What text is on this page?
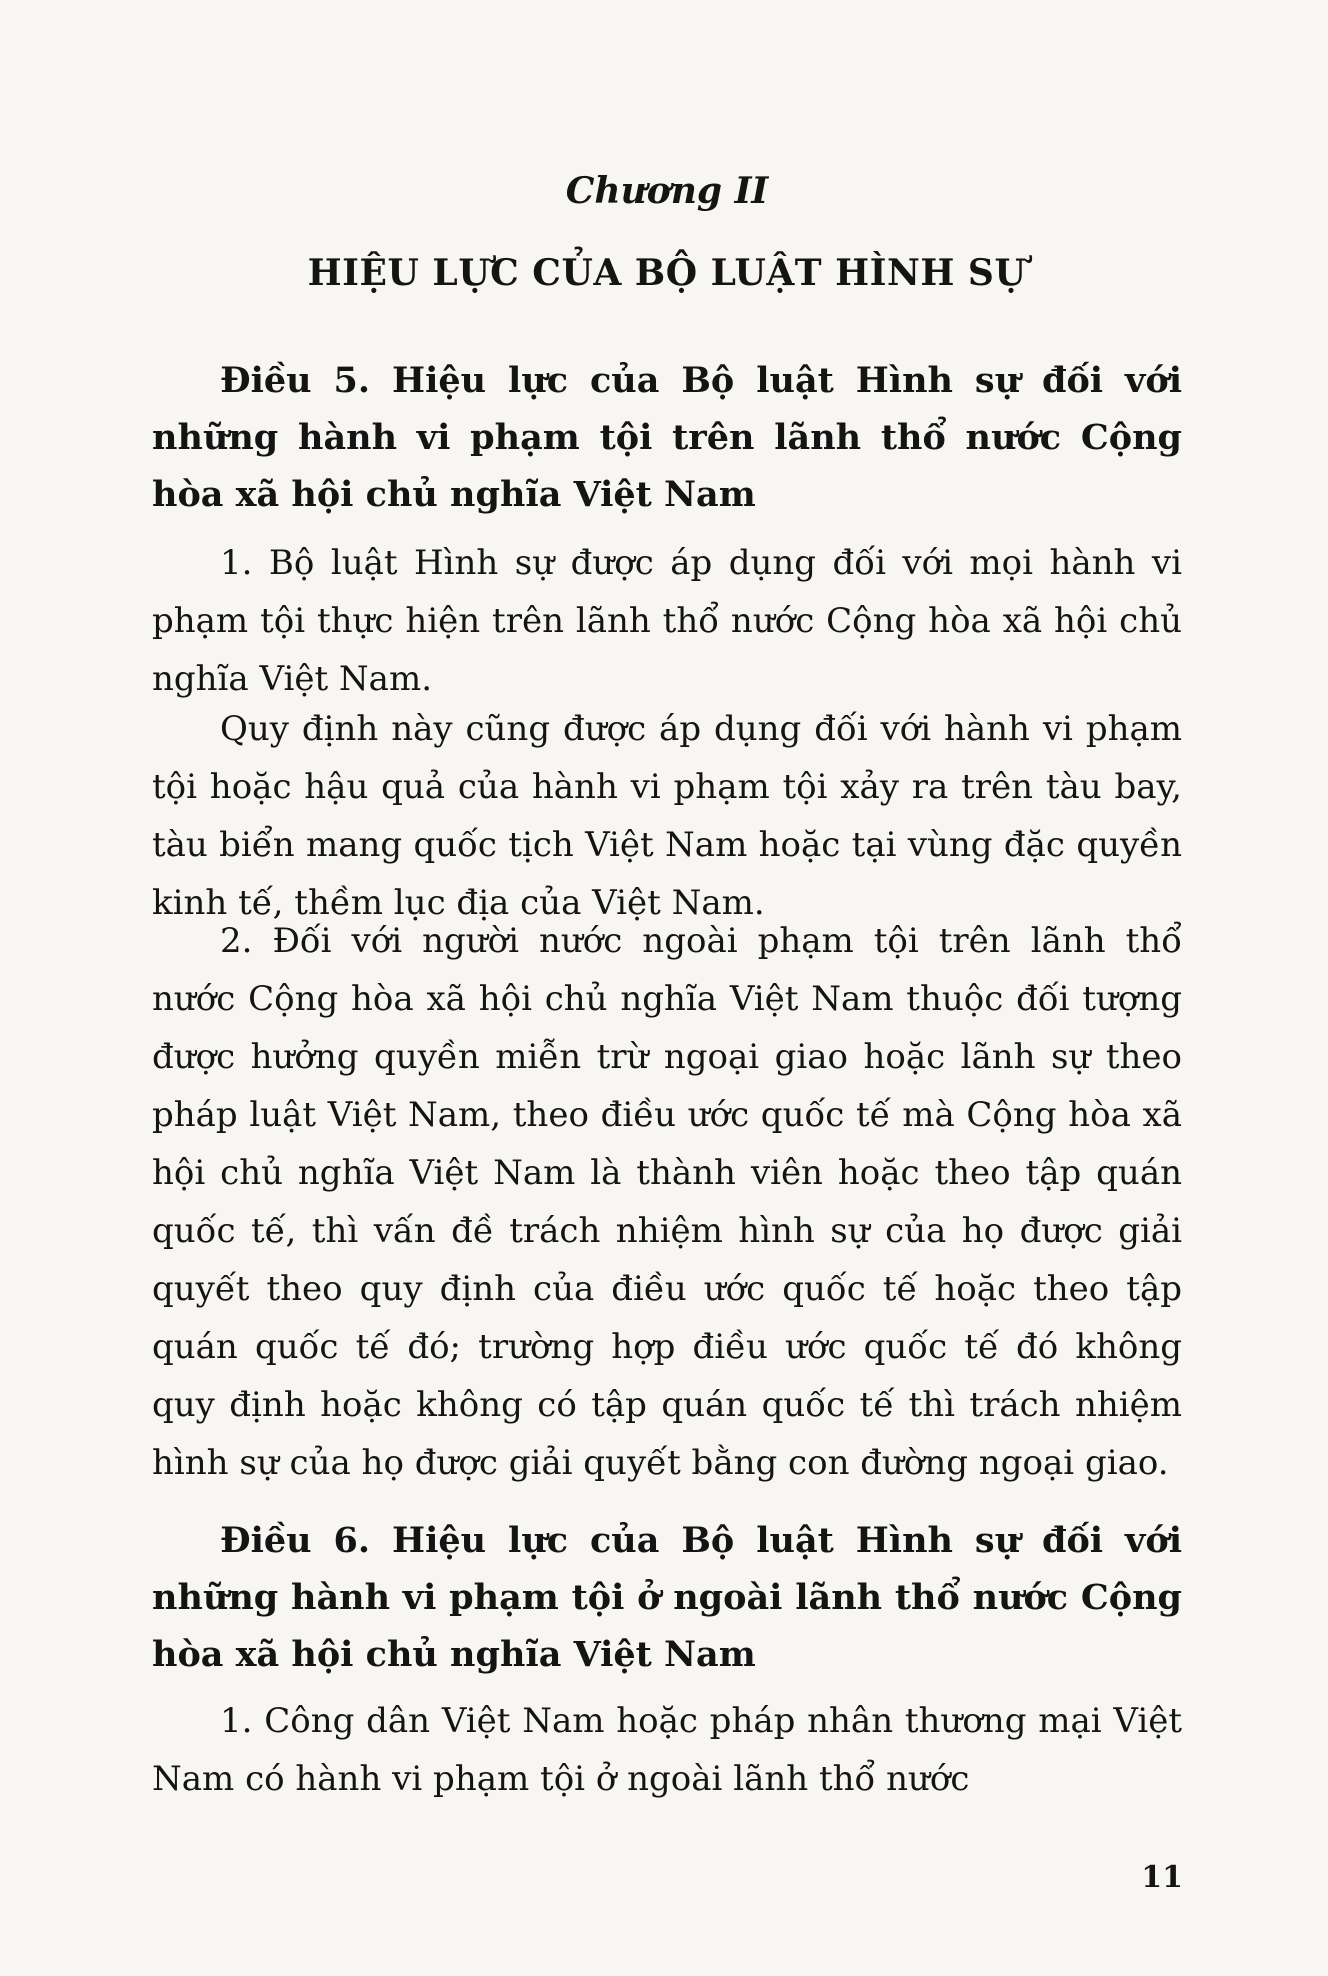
Chương II
HIỆU LỰC CỦA BỘ LUẬT HÌNH SỰ
Điều 5. Hiệu lực của Bộ luật Hình sự đối với những hành vi phạm tội trên lãnh thổ nước Cộng hòa xã hội chủ nghĩa Việt Nam
1. Bộ luật Hình sự được áp dụng đối với mọi hành vi phạm tội thực hiện trên lãnh thổ nước Cộng hòa xã hội chủ nghĩa Việt Nam.
Quy định này cũng được áp dụng đối với hành vi phạm tội hoặc hậu quả của hành vi phạm tội xảy ra trên tàu bay, tàu biển mang quốc tịch Việt Nam hoặc tại vùng đặc quyền kinh tế, thềm lục địa của Việt Nam.
2. Đối với người nước ngoài phạm tội trên lãnh thổ nước Cộng hòa xã hội chủ nghĩa Việt Nam thuộc đối tượng được hưởng quyền miễn trừ ngoại giao hoặc lãnh sự theo pháp luật Việt Nam, theo điều ước quốc tế mà Cộng hòa xã hội chủ nghĩa Việt Nam là thành viên hoặc theo tập quán quốc tế, thì vấn đề trách nhiệm hình sự của họ được giải quyết theo quy định của điều ước quốc tế hoặc theo tập quán quốc tế đó; trường hợp điều ước quốc tế đó không quy định hoặc không có tập quán quốc tế thì trách nhiệm hình sự của họ được giải quyết bằng con đường ngoại giao.
Điều 6. Hiệu lực của Bộ luật Hình sự đối với những hành vi phạm tội ở ngoài lãnh thổ nước Cộng hòa xã hội chủ nghĩa Việt Nam
1. Công dân Việt Nam hoặc pháp nhân thương mại Việt Nam có hành vi phạm tội ở ngoài lãnh thổ nước
11
